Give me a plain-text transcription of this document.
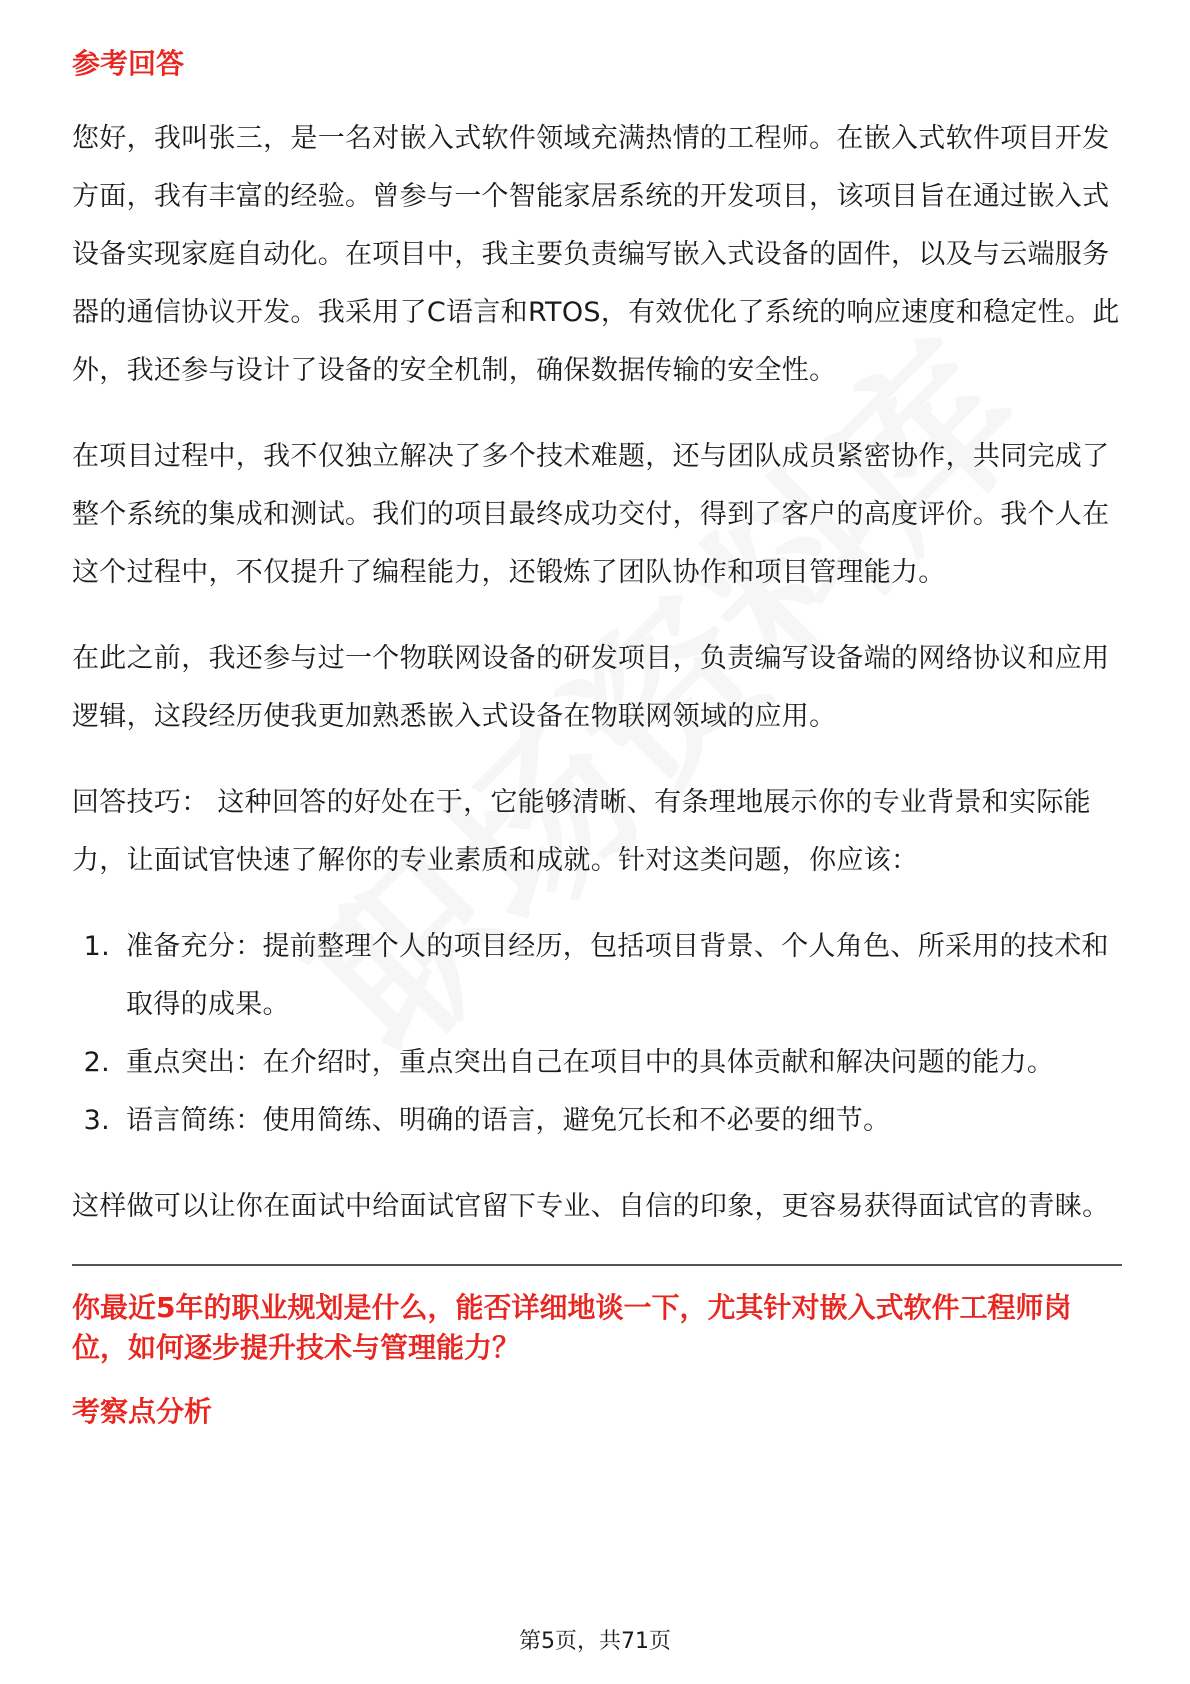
参考回答

您好，我叫张三，是一名对嵌入式软件领域充满热情的工程师。在嵌入式软件项目开发方面，我有丰富的经验。曾参与一个智能家居系统的开发项目，该项目旨在通过嵌入式设备实现家庭自动化。在项目中，我主要负责编写嵌入式设备的固件，以及与云端服务器的通信协议开发。我采用了C语言和RTOS，有效优化了系统的响应速度和稳定性。此外，我还参与设计了设备的安全机制，确保数据传输的安全性。

在项目过程中，我不仅独立解决了多个技术难题，还与团队成员紧密协作，共同完成了整个系统的集成和测试。我们的项目最终成功交付，得到了客户的高度评价。我个人在这个过程中，不仅提升了编程能力，还锻炼了团队协作和项目管理能力。

在此之前，我还参与过一个物联网设备的研发项目，负责编写设备端的网络协议和应用逻辑，这段经历使我更加熟悉嵌入式设备在物联网领域的应用。

回答技巧： 这种回答的好处在于，它能够清晰、有条理地展示你的专业背景和实际能力，让面试官快速了解你的专业素质和成就。针对这类问题，你应该：

1. 准备充分：提前整理个人的项目经历，包括项目背景、个人角色、所采用的技术和取得的成果。
2. 重点突出：在介绍时，重点突出自己在项目中的具体贡献和解决问题的能力。
3. 语言简练：使用简练、明确的语言，避免冗长和不必要的细节。

这样做可以让你在面试中给面试官留下专业、自信的印象，更容易获得面试官的青睐。

你最近5年的职业规划是什么，能否详细地谈一下，尤其针对嵌入式软件工程师岗位，如何逐步提升技术与管理能力？
考察点分析
第5页，共71页
